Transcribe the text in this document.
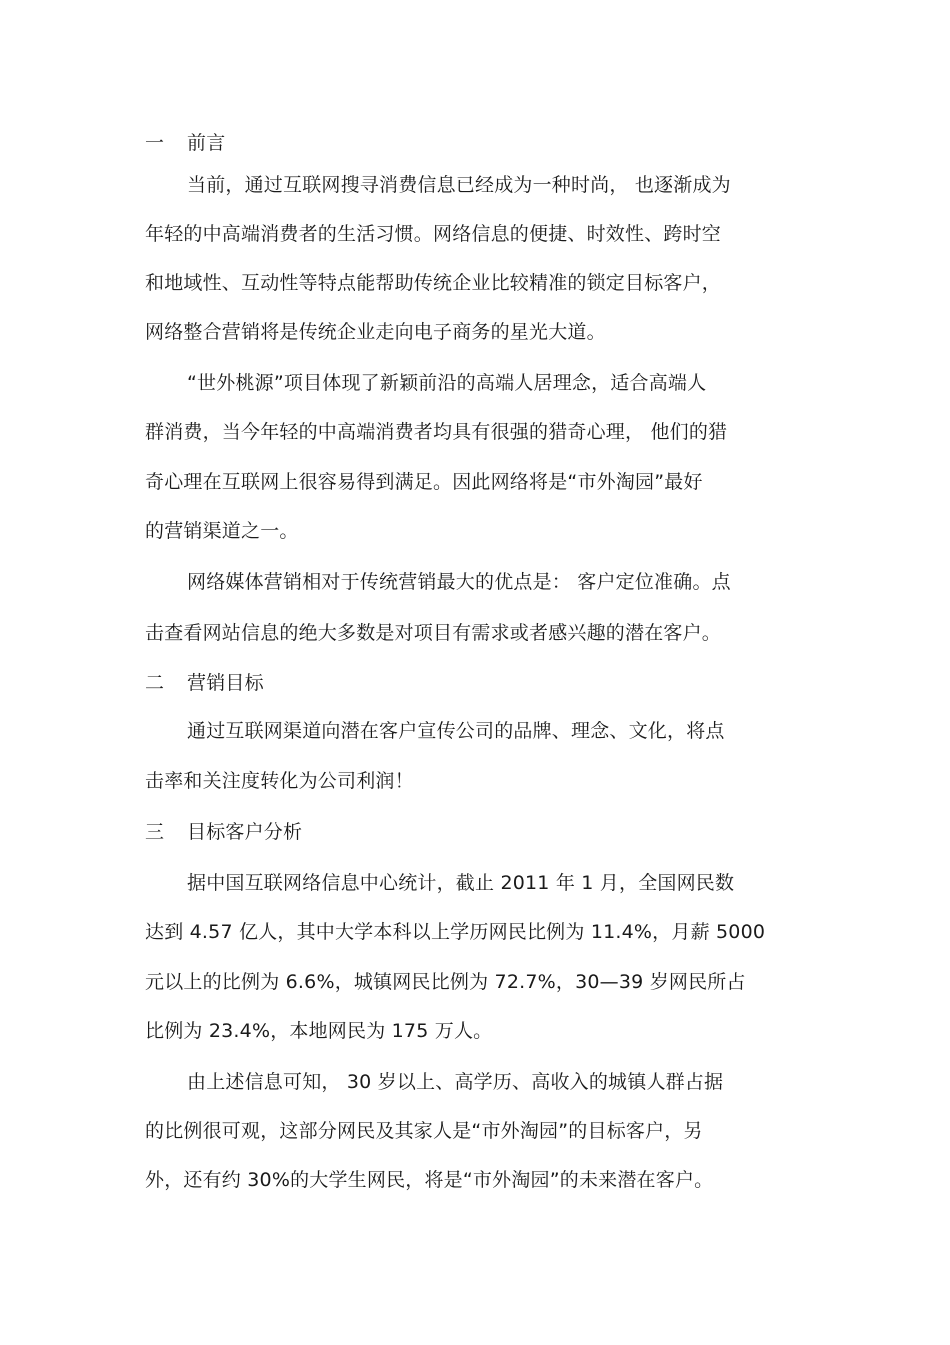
一 前言
当前，通过互联网搜寻消费信息已经成为一种时尚， 也逐渐成为
年轻的中高端消费者的生活习惯。网络信息的便捷、时效性、跨时空
和地域性、互动性等特点能帮助传统企业比较精准的锁定目标客户，
网络整合营销将是传统企业走向电子商务的星光大道。
“世外桃源”项目体现了新颖前沿的高端人居理念，适合高端人
群消费，当今年轻的中高端消费者均具有很强的猎奇心理， 他们的猎
奇心理在互联网上很容易得到满足。因此网络将是“市外淘园”最好
的营销渠道之一。
网络媒体营销相对于传统营销最大的优点是： 客户定位准确。点
击查看网站信息的绝大多数是对项目有需求或者感兴趣的潜在客户。
二 营销目标
通过互联网渠道向潜在客户宣传公司的品牌、理念、文化，将点
击率和关注度转化为公司利润！
三 目标客户分析
据中国互联网络信息中心统计，截止 2011 年 1 月，全国网民数
达到 4.57 亿人，其中大学本科以上学历网民比例为 11.4%，月薪 5000
元以上的比例为 6.6%，城镇网民比例为 72.7%，30—39 岁网民所占
比例为 23.4%，本地网民为 175 万人。
由上述信息可知， 30 岁以上、高学历、高收入的城镇人群占据
的比例很可观，这部分网民及其家人是“市外淘园”的目标客户，另
外，还有约 30%的大学生网民，将是“市外淘园”的未来潜在客户。
